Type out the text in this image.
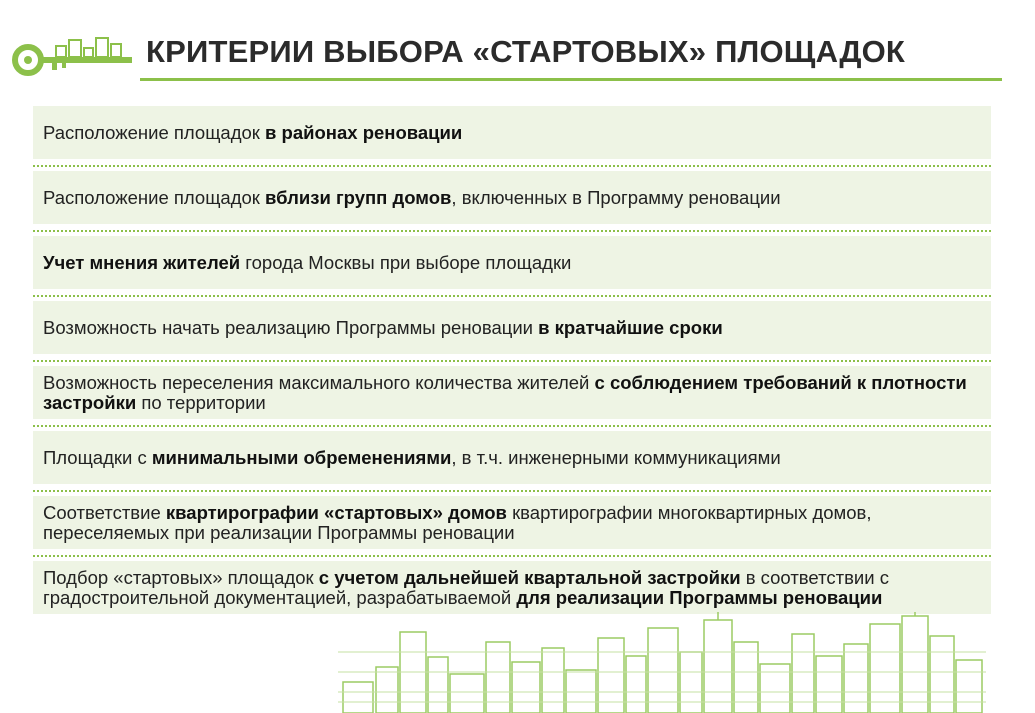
КРИТЕРИИ ВЫБОРА «СТАРТОВЫХ» ПЛОЩАДОК
Расположение площадок в районах реновации
Расположение площадок вблизи групп домов, включенных в Программу реновации
Учет мнения жителей города Москвы при выборе площадки
Возможность начать реализацию Программы реновации в кратчайшие сроки
Возможность переселения максимального количества жителей с соблюдением требований к плотности застройки по территории
Площадки с минимальными обременениями, в т.ч. инженерными коммуникациями
Соответствие квартирографии «стартовых» домов квартирографии многоквартирных домов, переселяемых при реализации Программы реновации
Подбор «стартовых» площадок с учетом дальнейшей квартальной застройки в соответствии с градостроительной документацией, разрабатываемой для реализации Программы реновации
